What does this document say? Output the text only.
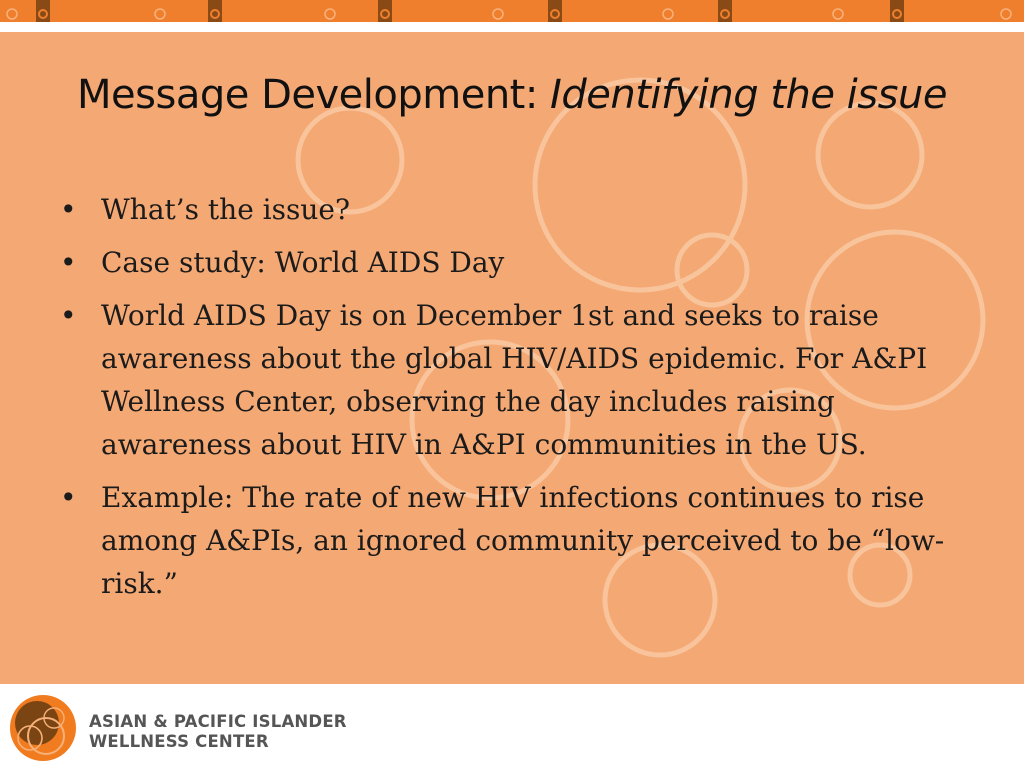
Message Development: Identifying the issue
• What’s the issue?
• Case study: World AIDS Day
• World AIDS Day is on December 1st and seeks to raise awareness about the global HIV/AIDS epidemic. For A&PI Wellness Center, observing the day includes raising awareness about HIV in A&PI communities in the US.
• Example: The rate of new HIV infections continues to rise among A&PIs, an ignored community perceived to be “low-risk.”
ASIAN & PACIFIC ISLANDER
WELLNESS CENTER
